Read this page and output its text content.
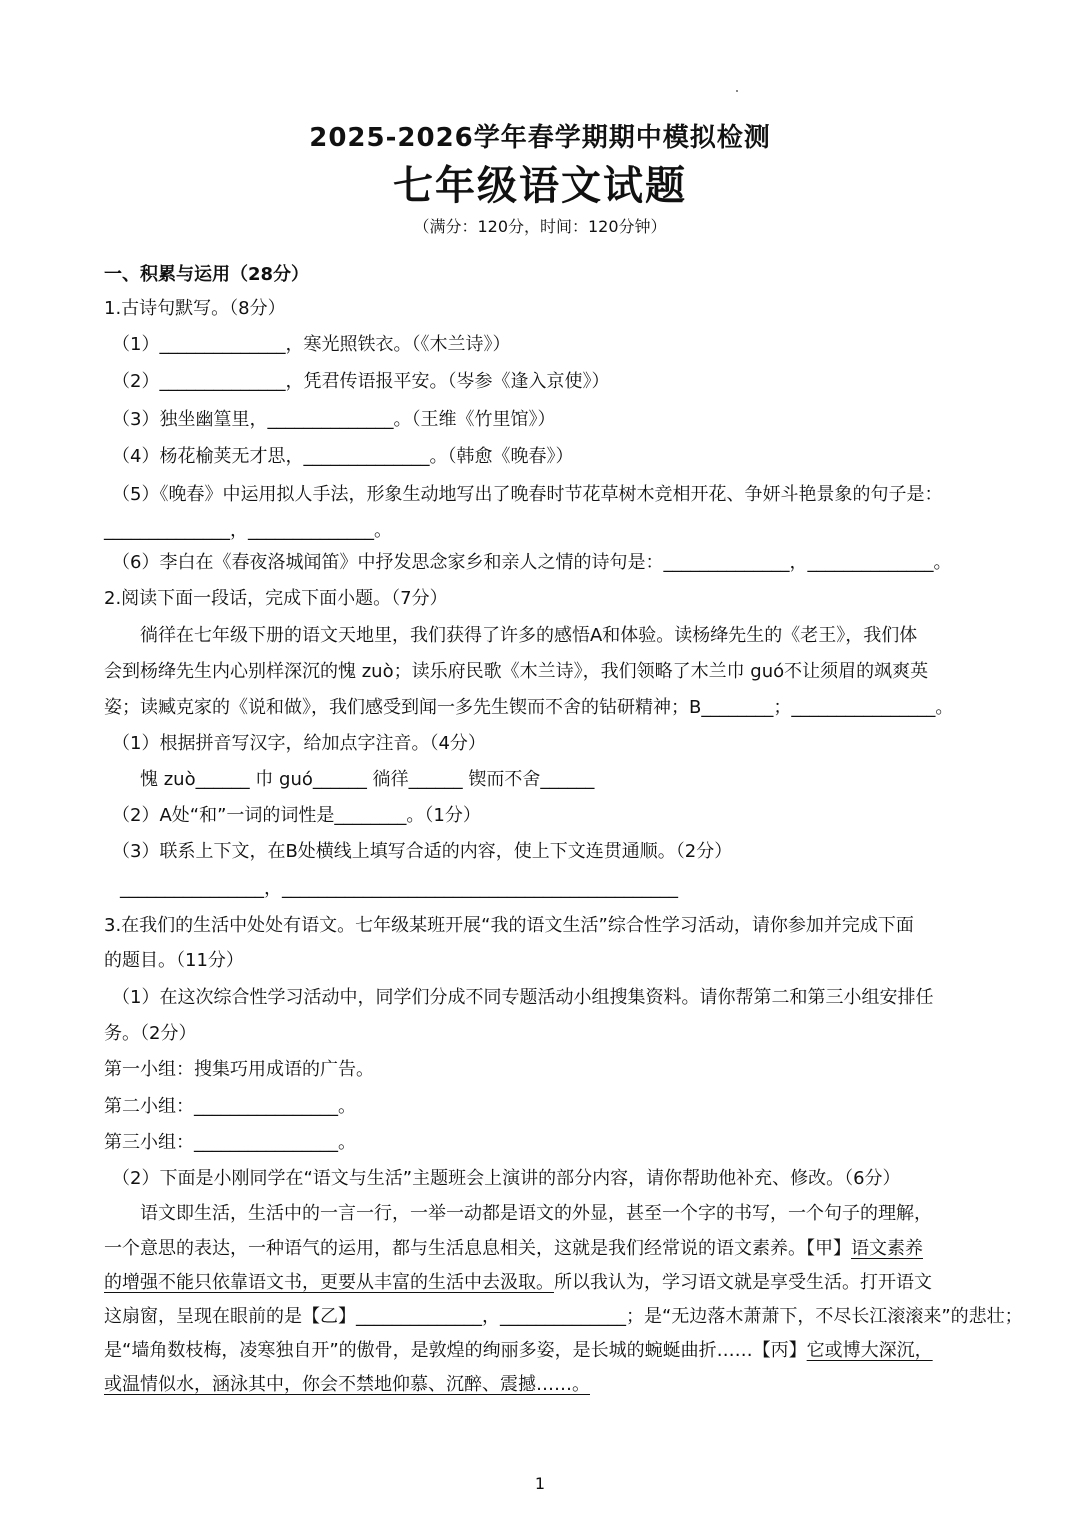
2025-2026学年春学期期中模拟检测
七年级语文试题
（满分：120分，时间：120分钟）
一、积累与运用（28分）
1.古诗句默写。（8分）
（1）______________，寒光照铁衣。（《木兰诗》）
（2）______________，凭君传语报平安。（岑参《逢入京使》）
（3）独坐幽篁里，______________。（王维《竹里馆》）
（4）杨花榆荚无才思，______________。（韩愈《晚春》）
（5）《晚春》中运用拟人手法，形象生动地写出了晚春时节花草树木竞相开花、争妍斗艳景象的句子是：
______________，______________。
（6）李白在《春夜洛城闻笛》中抒发思念家乡和亲人之情的诗句是：______________，______________。
2.阅读下面一段话，完成下面小题。（7分）
徜徉在七年级下册的语文天地里，我们获得了许多的感悟A和体验。读杨绛先生的《老王》，我们体
会到杨绛先生内心别样深沉的愧 zuò；读乐府民歌《木兰诗》，我们领略了木兰巾 guó不让须眉的飒爽英
姿；读臧克家的《说和做》，我们感受到闻一多先生锲而不舍的钻研精神；B________；________________。
（1）根据拼音写汉字，给加点字注音。（4分）
愧 zuò______ 巾 guó______ 徜徉______ 锲而不舍______
（2）A处“和”一词的词性是________。（1分）
（3）联系上下文，在B处横线上填写合适的内容，使上下文连贯通顺。（2分）
________________，____________________________________________
3.在我们的生活中处处有语文。七年级某班开展“我的语文生活”综合性学习活动，请你参加并完成下面
的题目。（11分）
（1）在这次综合性学习活动中，同学们分成不同专题活动小组搜集资料。请你帮第二和第三小组安排任
务。（2分）
第一小组：搜集巧用成语的广告。
第二小组：________________。
第三小组：________________。
（2）下面是小刚同学在“语文与生活”主题班会上演讲的部分内容，请你帮助他补充、修改。（6分）
语文即生活，生活中的一言一行，一举一动都是语文的外显，甚至一个字的书写，一个句子的理解，
一个意思的表达，一种语气的运用，都与生活息息相关，这就是我们经常说的语文素养。【甲】语文素养
的增强不能只依靠语文书，更要从丰富的生活中去汲取。所以我认为，学习语文就是享受生活。打开语文
这扇窗，呈现在眼前的是【乙】______________，______________；是“无边落木萧萧下，不尽长江滚滚来”的悲壮；
是“墙角数枝梅，凌寒独自开”的傲骨，是敦煌的绚丽多姿，是长城的蜿蜒曲折……【丙】它或博大深沉，
或温情似水，涵泳其中，你会不禁地仰慕、沉醉、震撼……。
1
